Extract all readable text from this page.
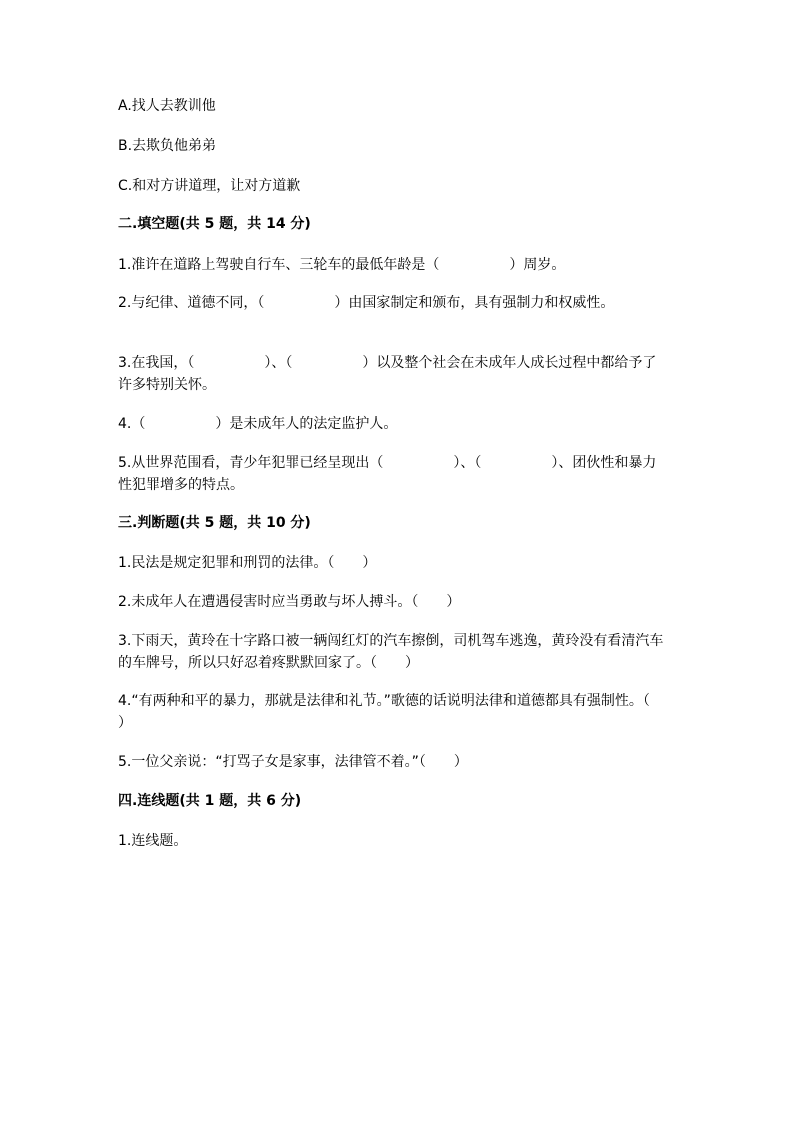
A.找人去教训他
B.去欺负他弟弟
C.和对方讲道理，让对方道歉
二.填空题(共 5 题，共 14 分)
1.准许在道路上驾驶自行车、三轮车的最低年龄是（　　　　　）周岁。
2.与纪律、道德不同，（　　　　　）由国家制定和颁布，具有强制力和权威性。
3.在我国，（　　　　　）、（　　　　　）以及整个社会在未成年人成长过程中都给予了许多特别关怀。
4.（　　　　　）是未成年人的法定监护人。
5.从世界范围看，青少年犯罪已经呈现出（　　　　　）、（　　　　　）、团伙性和暴力性犯罪增多的特点。
三.判断题(共 5 题，共 10 分)
1.民法是规定犯罪和刑罚的法律。（　　）
2.未成年人在遭遇侵害时应当勇敢与坏人搏斗。（　　）
3.下雨天，黄玲在十字路口被一辆闯红灯的汽车擦倒，司机驾车逃逸，黄玲没有看清汽车的车牌号，所以只好忍着疼默默回家了。（　　）
4.“有两种和平的暴力，那就是法律和礼节。”歌德的话说明法律和道德都具有强制性。（　　）
5.一位父亲说：“打骂子女是家事，法律管不着。”（　　）
四.连线题(共 1 题，共 6 分)
1.连线题。
